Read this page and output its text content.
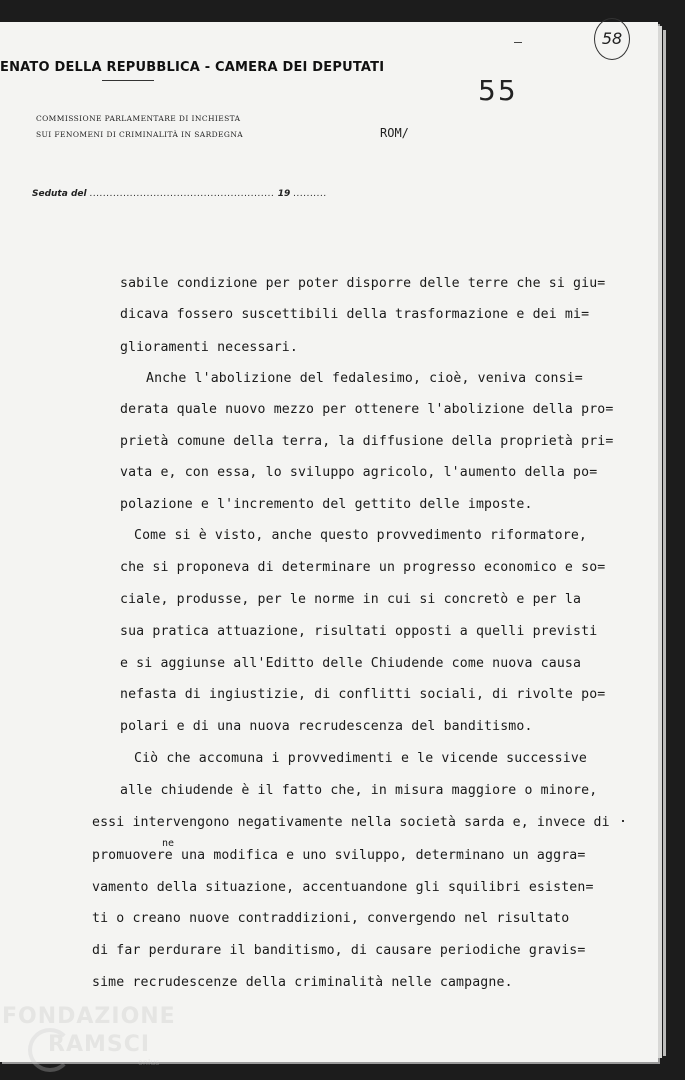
ENATO DELLA REPUBBLICA - CAMERA DEI DEPUTATI
COMMISSIONE PARLAMENTARE DI INCHIESTA
SUI FENOMENI DI CRIMINALITÀ IN SARDEGNA
58
55
ROM/
Seduta del ....................................................... 19 ..........
sabile condizione per poter disporre delle terre che si giu=
dicava fossero suscettibili della trasformazione e dei mi=
glioramenti necessari.
Anche l'abolizione del fedalesimo, cioè, veniva consi=
derata quale nuovo mezzo per ottenere l'abolizione della pro=
prietà comune della terra, la diffusione della proprietà pri=
vata e, con essa, lo sviluppo agricolo, l'aumento della po=
polazione e l'incremento del gettito delle imposte.
Come si è visto, anche questo provvedimento riformatore,
che si proponeva di determinare un progresso economico e so=
ciale, produsse, per le norme in cui si concretò e per la
sua pratica attuazione, risultati opposti a quelli previsti
e si aggiunse all'Editto delle Chiudende come nuova causa
nefasta di ingiustizie, di conflitti sociali, di rivolte po=
polari e di una nuova recrudescenza del banditismo.
Ciò che accomuna i provvedimenti e le vicende successive
alle chiudende è il fatto che, in misura maggiore o minore,
essi intervengono negativamente nella società sarda e, invece di
promuovere una modifica e uno sviluppo, determinano un aggra=
vamento della situazione, accentuandone gli squilibri esisten=
ti o creano nuove contraddizioni, convergendo nel risultato
di far perdurare il banditismo, di causare periodiche gravis=
sime recrudescenze della criminalità nelle campagne.
ne
FONDAZIONE
RAMSCI
onlus
